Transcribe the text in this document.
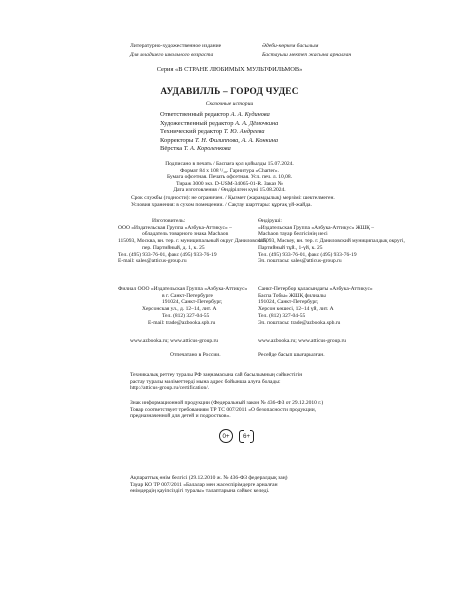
Литературно-художественное издание	Әдеби-көркем басылым
Для младшего школьного возраста	Бастауыш мектеп жасына арналған
Серия «В СТРАНЕ ЛЮБИМЫХ МУЛЬТФИЛЬМОВ»
АУДАВИЛЛЬ – ГОРОД ЧУДЕС
Сказочные истории
Ответственный редактор А. А. Кудинова
Художественный редактор А. А. Дёмочкина
Технический редактор Т. Ю. Андреева
Корректоры Т. Н. Филиппова, А. А. Конкина
Вёрстка Т. А. Короленкова
Подписано в печать / Баспаға қол қойылды 15.07.2024.
Формат 84 х 108 ¹/₁₆. Гарнитура «Charter».
Бумага офсетная. Печать офсетная. Усл. печ. л. 10,08.
Тираж 3000 экз. D-USM-34065-01-R. Заказ №
Дата изготовления / Өндірілген күні 15.08.2024.
Срок службы (годности): не ограничен. / Қызмет (жарамдылық) мерзімі: шектелмеген.
Условия хранения: в сухом помещении. / Сақтау шарттары: құрғақ үй-жайда.
Изготовитель:
ООО «Издательская Группа «Азбука-Аттикус» –
обладатель товарного знака Machaon
115093, Москва, вн. тер. г. муниципальный округ Даниловский,
пер. Партийный, д. 1, к. 25
Тел. (495) 933-76-01, факс (495) 933-76-19
E-mail: sales@atticus-group.ru
Өндіруші:
«Издательская Группа «Азбука-Аттикус» ЖШҚ –
Machaon тауар белгісінің иесі
115093, Мәскеу, вн. тер. г. Даниловский муниципалдық округі,
Партийный тұй., 1-үй, к. 25
Тел. (495) 933-76-01, факс (495) 933-76-19
Эл. поштасы: sales@atticus-group.ru
Филиал ООО «Издательская Группа «Азбука-Аттикус»
в г. Санкт-Петербурге
191024, Санкт-Петербург,
Херсонская ул., д. 12–14, лит. А
Тел. (812) 327-04-55
E-mail: trade@azbooka.spb.ru
Санкт-Петербор қаласындағы «Азбука-Аттикус»
Баспа Тобы» ЖШҚ филиалы
191024, Санкт-Петербург,
Херсон көшесі, 12–14 үй, лит. А
Тел. (812) 327-04-55
Эл. поштасы: trade@azbooka.spb.ru
www.azbooka.ru; www.atticus-group.ru	www.azbooka.ru; www.atticus-group.ru
Отпечатано в России.	Ресейде басып шығарылған.
Техникалық реттеу туралы РФ заңнамасына сай басылымның сәйкестігін
растау туралы мәліметтерді мына адрес бойынша алуға болады:
http://atticus-group.ru/certification/.
Знак информационной продукции (Федеральный закон № 436-ФЗ от 29.12.2010 г.)
Товар соответствует требованиям ТР ТС 007/2011 «О безопасности продукции,
предназначенной для детей и подростков».
0+	6+
Ақпараттық өнім белгісі (29.12.2010 ж. № 436-ФЗ федералдық заң)
Тауар КО ТР 007/2011 «Балалар мен жасөспірімдерге арналған
өнімдердің қауіпсіздігі туралы» талаптарына сәйкес келеді.
